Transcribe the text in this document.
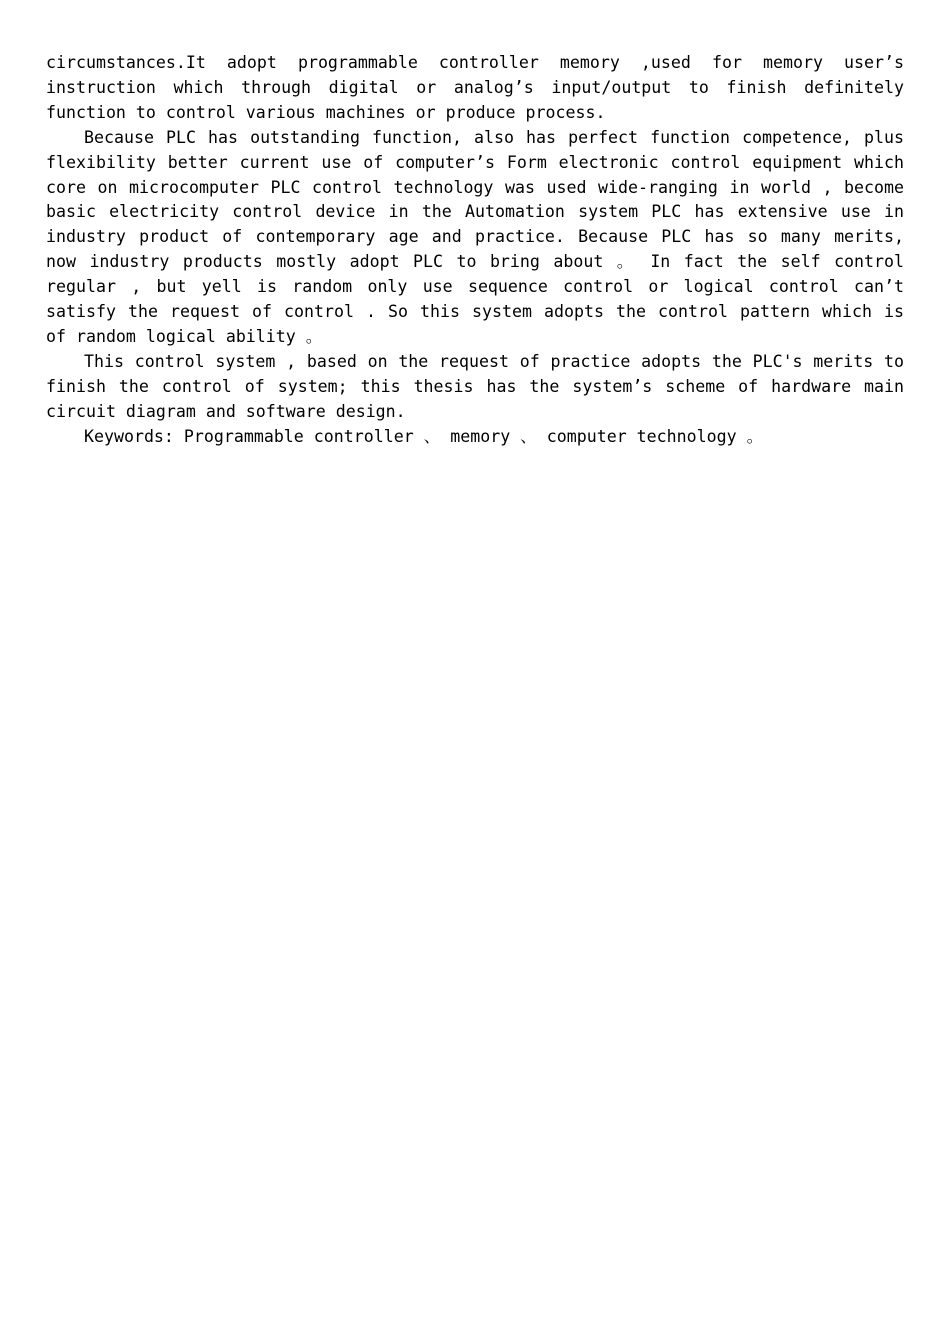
circumstances.It adopt programmable controller memory ,used for memory user’s instruction which through digital or analog’s input/output to finish definitely function to control various machines or produce process.

Because PLC has outstanding function, also has perfect function competence, plus flexibility better current use of computer’s Form electronic control equipment which core on microcomputer PLC control technology was used wide-ranging in world , become basic electricity control device in the Automation system PLC has extensive use in industry product of contemporary age and practice. Because PLC has so many merits, now industry products mostly adopt PLC to bring about 。 In fact the self control regular , but yell is random only use sequence control or logical control can’t satisfy the request of control . So this system adopts the control pattern which is of random logical ability 。

This control system , based on the request of practice adopts the PLC's merits to finish the control of system; this thesis has the system’s scheme of hardware main circuit diagram and software design.

Keywords: Programmable controller 、 memory 、 computer technology 。
